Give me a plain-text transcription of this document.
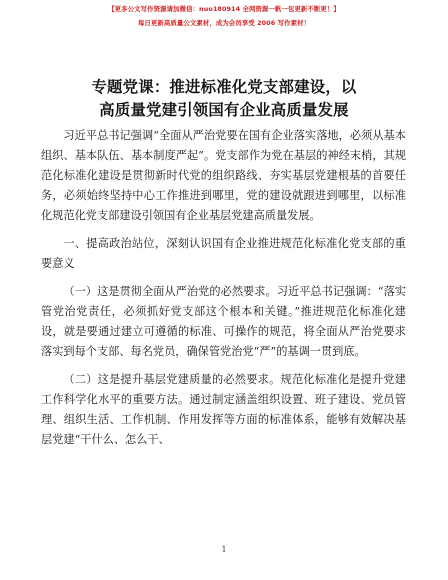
【更多公文写作资源请加微信：nuo180914 全网资源一帆一包更新不断更！】
每日更新高质量公文素材，成为会员享受 2006 写作素材！
专题党课：推进标准化党支部建设，以
高质量党建引领国有企业高质量发展

习近平总书记强调“全面从严治党要在国有企业落实落地，必须从基本组织、基本队伍、基本制度严起”。党支部作为党在基层的神经末梢，其规范化标准化建设是贯彻新时代党的组织路线、夯实基层党建根基的首要任务，必须始终坚持中心工作推进到哪里，党的建设就跟进到哪里，以标准化规范化党支部建设引领国有企业基层党建高质量发展。

一、提高政治站位，深刻认识国有企业推进规范化标准化党支部的重要意义

（一）这是贯彻全面从严治党的必然要求。习近平总书记强调：“落实管党治党责任，必须抓好党支部这个根本和关键。”推进规范化标准化建设，就是要通过建立可遵循的标准、可操作的规范，将全面从严治党要求落实到每个支部、每名党员，确保管党治党“严”的基调一贯到底。

（二）这是提升基层党建质量的必然要求。规范化标准化是提升党建工作科学化水平的重要方法。通过制定涵盖组织设置、班子建设、党员管理、组织生活、工作机制、作用发挥等方面的标准体系，能够有效解决基层党建“干什么、怎么干、

1
